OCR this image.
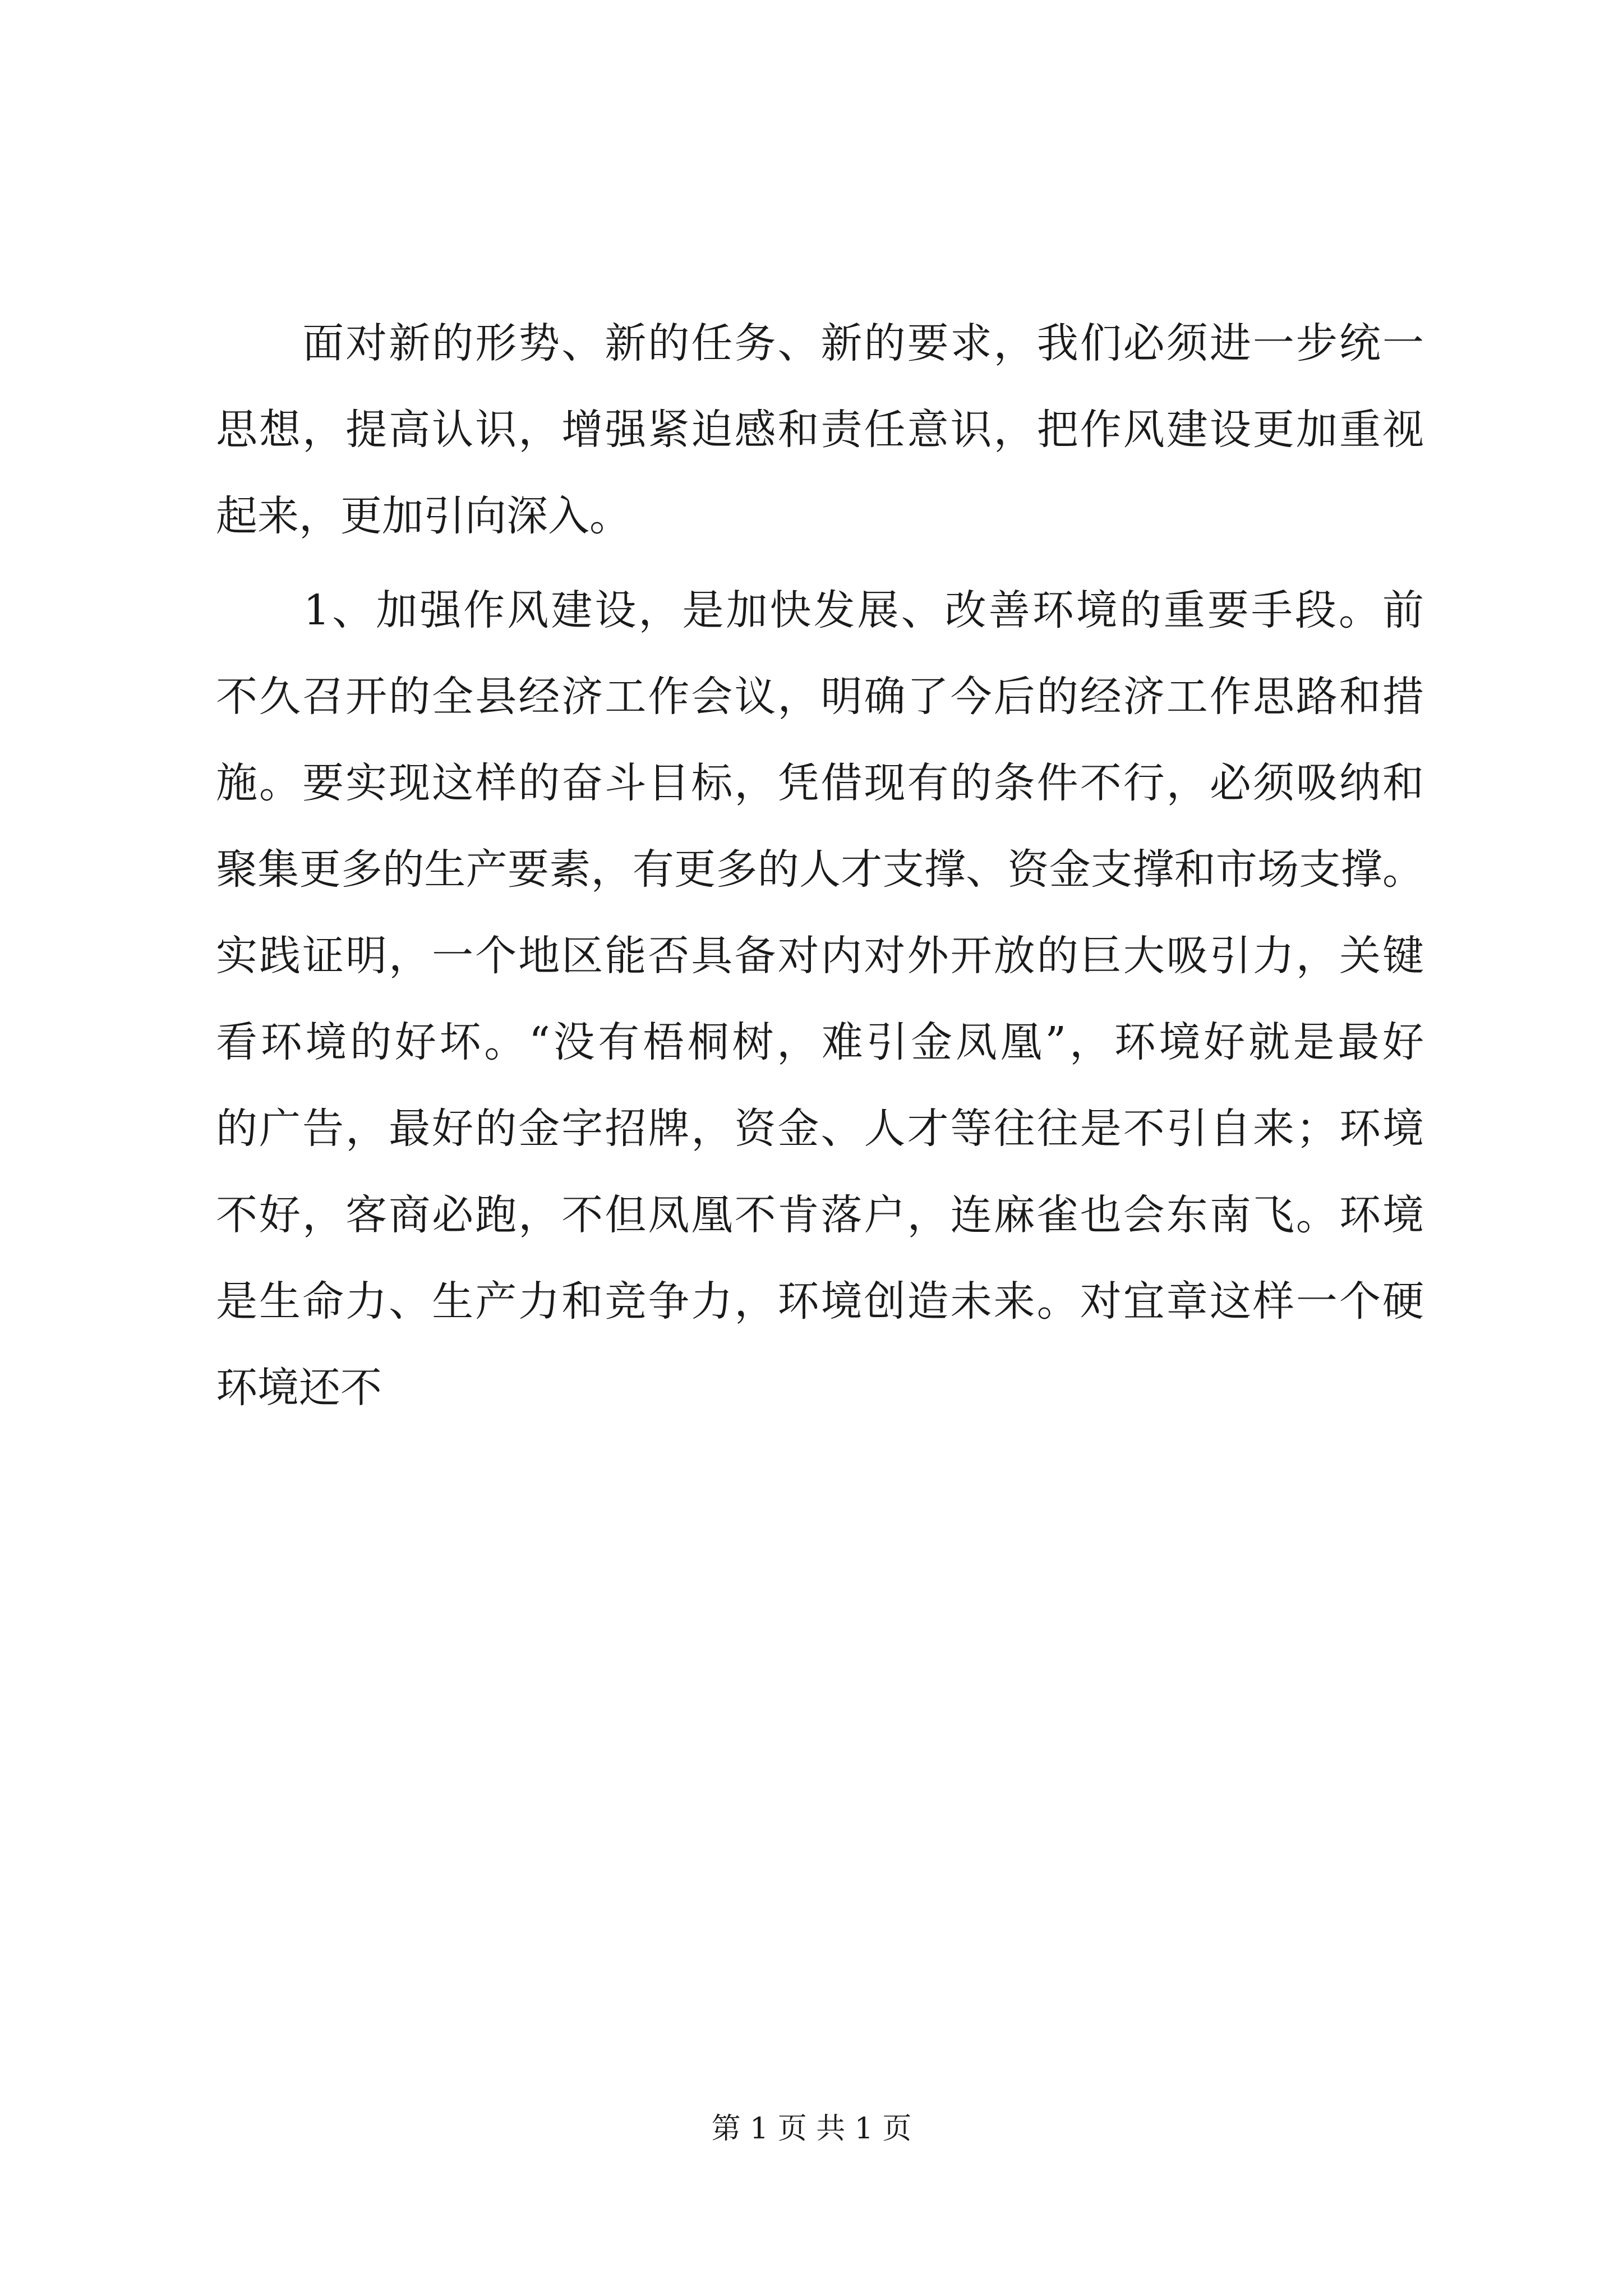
　　面对新的形势、新的任务、新的要求，我们必须进一步统一
思想，提高认识，增强紧迫感和责任意识，把作风建设更加重视
起来，更加引向深入。
　　1、加强作风建设，是加快发展、改善环境的重要手段。前
不久召开的全县经济工作会议，明确了今后的经济工作思路和措
施。要实现这样的奋斗目标，凭借现有的条件不行，必须吸纳和
聚集更多的生产要素，有更多的人才支撑、资金支撑和市场支撑。
实践证明，一个地区能否具备对内对外开放的巨大吸引力，关键
看环境的好坏。“没有梧桐树，难引金凤凰”，环境好就是最好
的广告，最好的金字招牌，资金、人才等往往是不引自来；环境
不好，客商必跑，不但凤凰不肯落户，连麻雀也会东南飞。环境
是生命力、生产力和竞争力，环境创造未来。对宜章这样一个硬
环境还不
第 1 页 共 1 页
